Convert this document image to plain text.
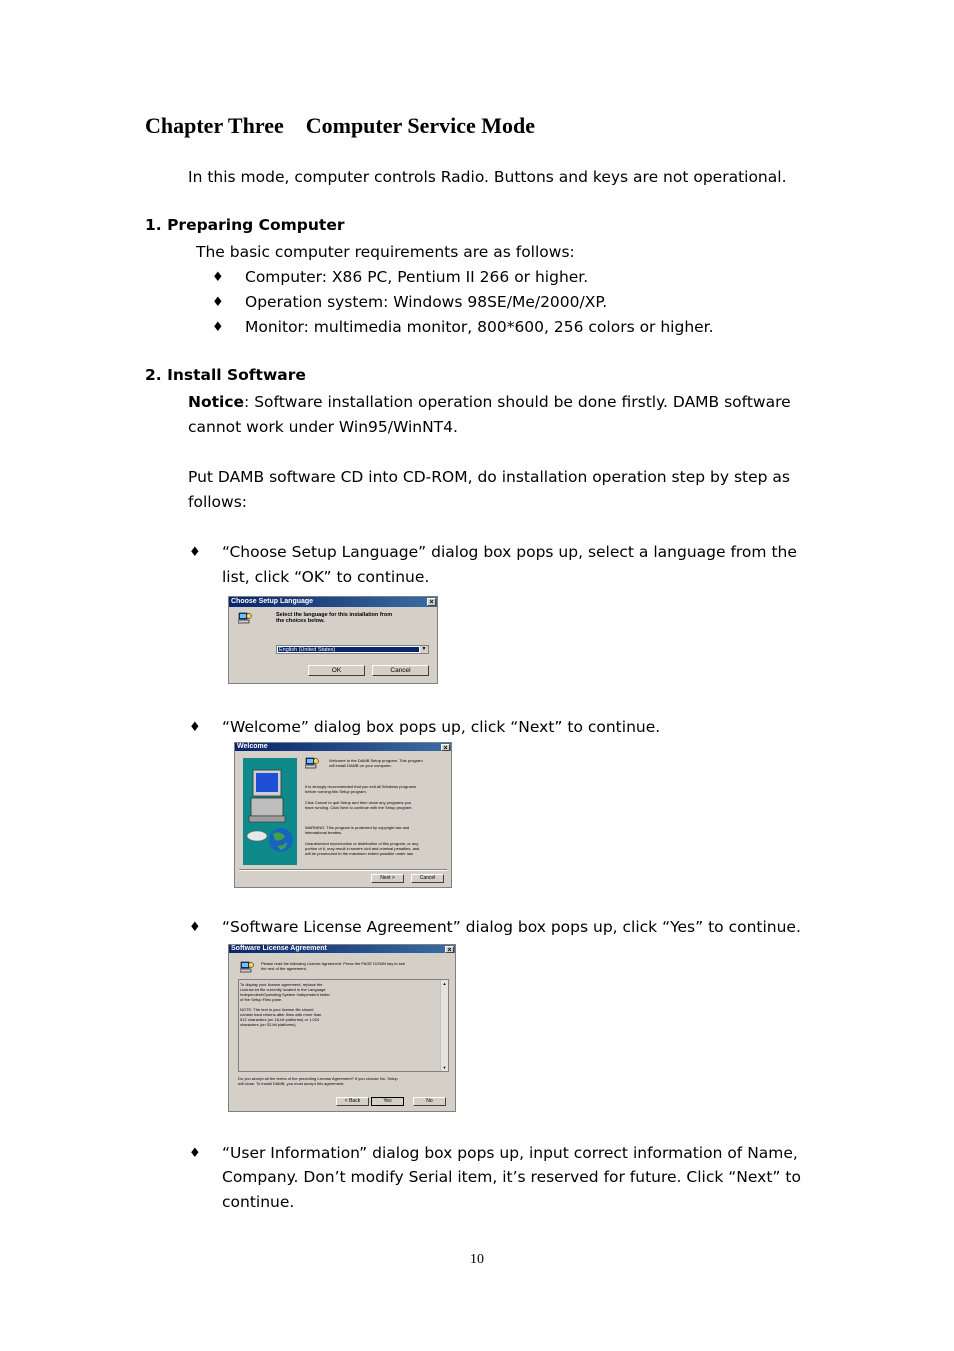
Chapter Three Computer Service Mode
In this mode, computer controls Radio. Buttons and keys are not operational.
1. Preparing Computer
The basic computer requirements are as follows:
♦ Computer: X86 PC, Pentium II 266 or higher.
♦ Operation system: Windows 98SE/Me/2000/XP.
♦ Monitor: multimedia monitor, 800*600, 256 colors or higher.
2. Install Software
Notice: Software installation operation should be done firstly. DAMB software
cannot work under Win95/WinNT4.
Put DAMB software CD into CD-ROM, do installation operation step by step as
follows:
♦ “Choose Setup Language” dialog box pops up, select a language from the
list, click “OK” to continue.
Choose Setup Language	×
Select the language for this installation from
the choices below.
English (United States)	▼
OK	Cancel
♦ “Welcome” dialog box pops up, click “Next” to continue.
Welcome	×
Welcome to the DAMB Setup program. This program
will install DAMB on your computer.
It is strongly recommended that you exit all Windows programs
before running this Setup program.
Click Cancel to quit Setup and then close any programs you
have running. Click Next to continue with the Setup program.
WARNING: This program is protected by copyright law and
international treaties.
Unauthorized reproduction or distribution of this program, or any
portion of it, may result in severe civil and criminal penalties, and
will be prosecuted to the maximum extent possible under law.
Next >	Cancel
♦ “Software License Agreement” dialog box pops up, click “Yes” to continue.
Software License Agreement	×
Please read the following License Agreement. Press the PAGE DOWN key to see
the rest of the agreement.
To display your license agreement, replace the
License.txt file currently located in the Language
Independent\Operating System Independent folder
of the Setup Files pane.

NOTE: The text in your license file should
contain hard returns after lines with more than
512 characters (on 16-bit platforms) or 1,024
characters (on 32-bit platforms)
▲
▼
Do you accept all the terms of the preceding License Agreement? If you choose No, Setup
will close. To install DAMB, you must accept this agreement.
< Back	Yes	No
♦ “User Information” dialog box pops up, input correct information of Name,
Company. Don’t modify Serial item, it’s reserved for future. Click “Next” to
continue.
10
